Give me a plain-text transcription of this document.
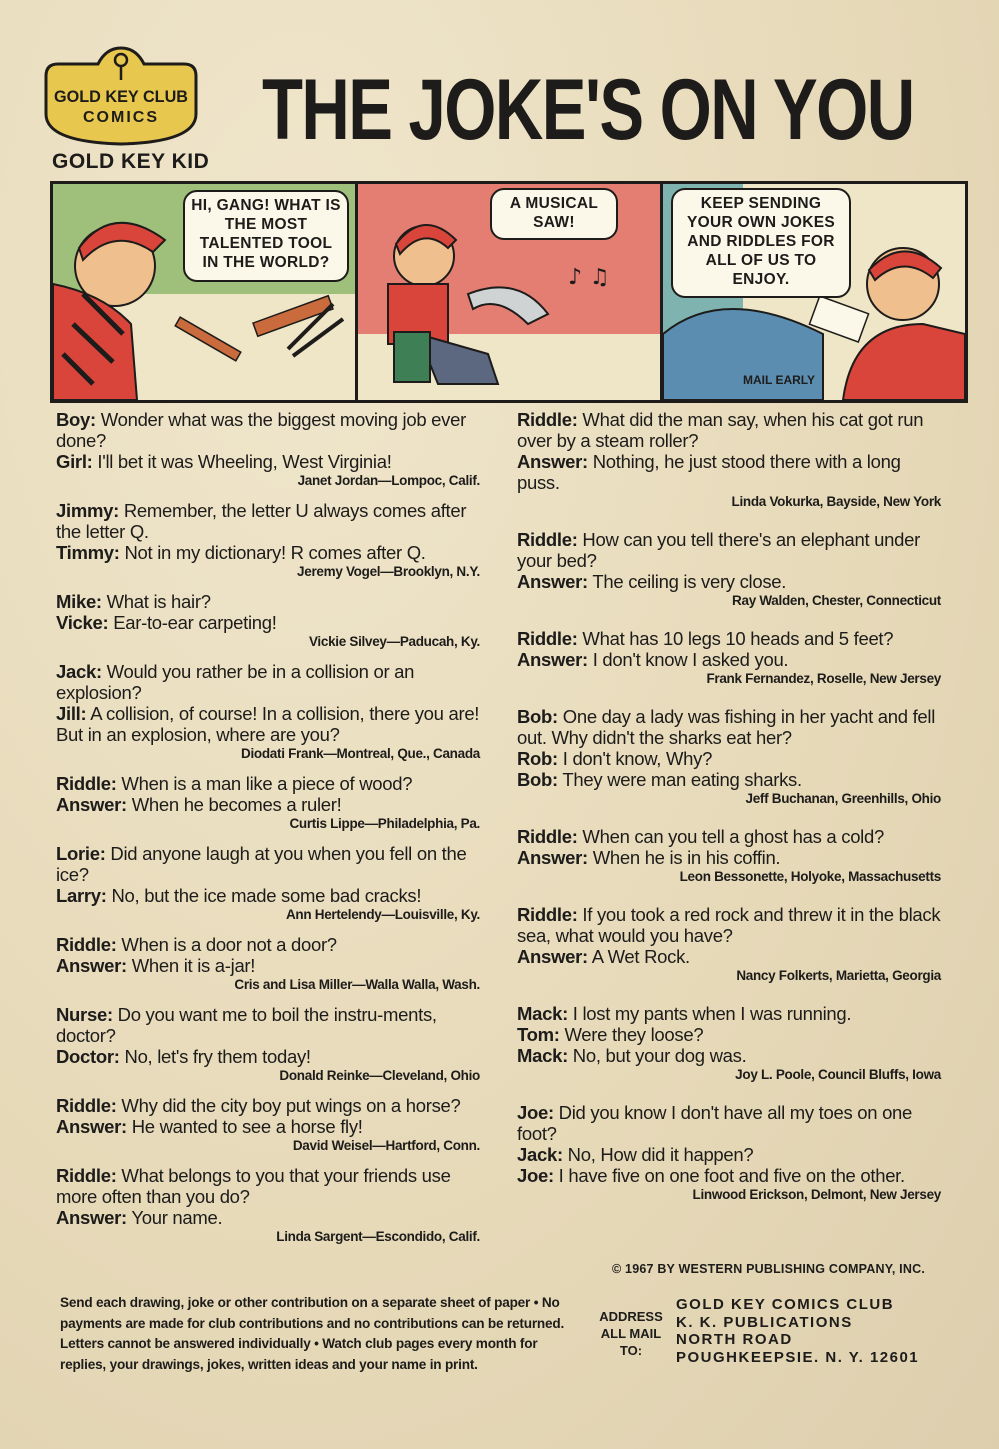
GOLD KEY CLUB
COMICS
GOLD KEY KID
THE JOKE'S ON YOU
HI, GANG! WHAT IS THE MOST TALENTED TOOL IN THE WORLD?
♪ ♫
A MUSICAL SAW!
MAIL EARLY
KEEP SENDING YOUR OWN JOKES AND RIDDLES FOR ALL OF US TO ENJOY.
Boy: Wonder what was the biggest moving job ever done?
Girl: I'll bet it was Wheeling, West Virginia!
Janet Jordan—Lompoc, Calif.
Jimmy: Remember, the letter U always comes after the letter Q.
Timmy: Not in my dictionary! R comes after Q.
Jeremy Vogel—Brooklyn, N.Y.
Mike: What is hair?
Vicke: Ear-to-ear carpeting!
Vickie Silvey—Paducah, Ky.
Jack: Would you rather be in a collision or an explosion?
Jill: A collision, of course! In a collision, there you are! But in an explosion, where are you?
Diodati Frank—Montreal, Que., Canada
Riddle: When is a man like a piece of wood?
Answer: When he becomes a ruler!
Curtis Lippe—Philadelphia, Pa.
Lorie: Did anyone laugh at you when you fell on the ice?
Larry: No, but the ice made some bad cracks!
Ann Hertelendy—Louisville, Ky.
Riddle: When is a door not a door?
Answer: When it is a-jar!
Cris and Lisa Miller—Walla Walla, Wash.
Nurse: Do you want me to boil the instru-ments, doctor?
Doctor: No, let's fry them today!
Donald Reinke—Cleveland, Ohio
Riddle: Why did the city boy put wings on a horse?
Answer: He wanted to see a horse fly!
David Weisel—Hartford, Conn.
Riddle: What belongs to you that your friends use more often than you do?
Answer: Your name.
Linda Sargent—Escondido, Calif.
Riddle: What did the man say, when his cat got run over by a steam roller?
Answer: Nothing, he just stood there with a long puss.
Linda Vokurka, Bayside, New York
Riddle: How can you tell there's an elephant under your bed?
Answer: The ceiling is very close.
Ray Walden, Chester, Connecticut
Riddle: What has 10 legs 10 heads and 5 feet?
Answer: I don't know I asked you.
Frank Fernandez, Roselle, New Jersey
Bob: One day a lady was fishing in her yacht and fell out. Why didn't the sharks eat her?
Rob: I don't know, Why?
Bob: They were man eating sharks.
Jeff Buchanan, Greenhills, Ohio
Riddle: When can you tell a ghost has a cold?
Answer: When he is in his coffin.
Leon Bessonette, Holyoke, Massachusetts
Riddle: If you took a red rock and threw it in the black sea, what would you have?
Answer: A Wet Rock.
Nancy Folkerts, Marietta, Georgia
Mack: I lost my pants when I was running.
Tom: Were they loose?
Mack: No, but your dog was.
Joy L. Poole, Council Bluffs, Iowa
Joe: Did you know I don't have all my toes on one foot?
Jack: No, How did it happen?
Joe: I have five on one foot and five on the other.
Linwood Erickson, Delmont, New Jersey
© 1967 BY WESTERN PUBLISHING COMPANY, INC.
Send each drawing, joke or other contribution on a separate sheet of paper • No payments are made for club contributions and no contributions can be returned. Letters cannot be answered individually • Watch club pages every month for replies, your drawings, jokes, written ideas and your name in print.
ADDRESS ALL MAIL TO:
GOLD KEY COMICS CLUB
K. K. PUBLICATIONS
NORTH ROAD
POUGHKEEPSIE. N. Y. 12601
